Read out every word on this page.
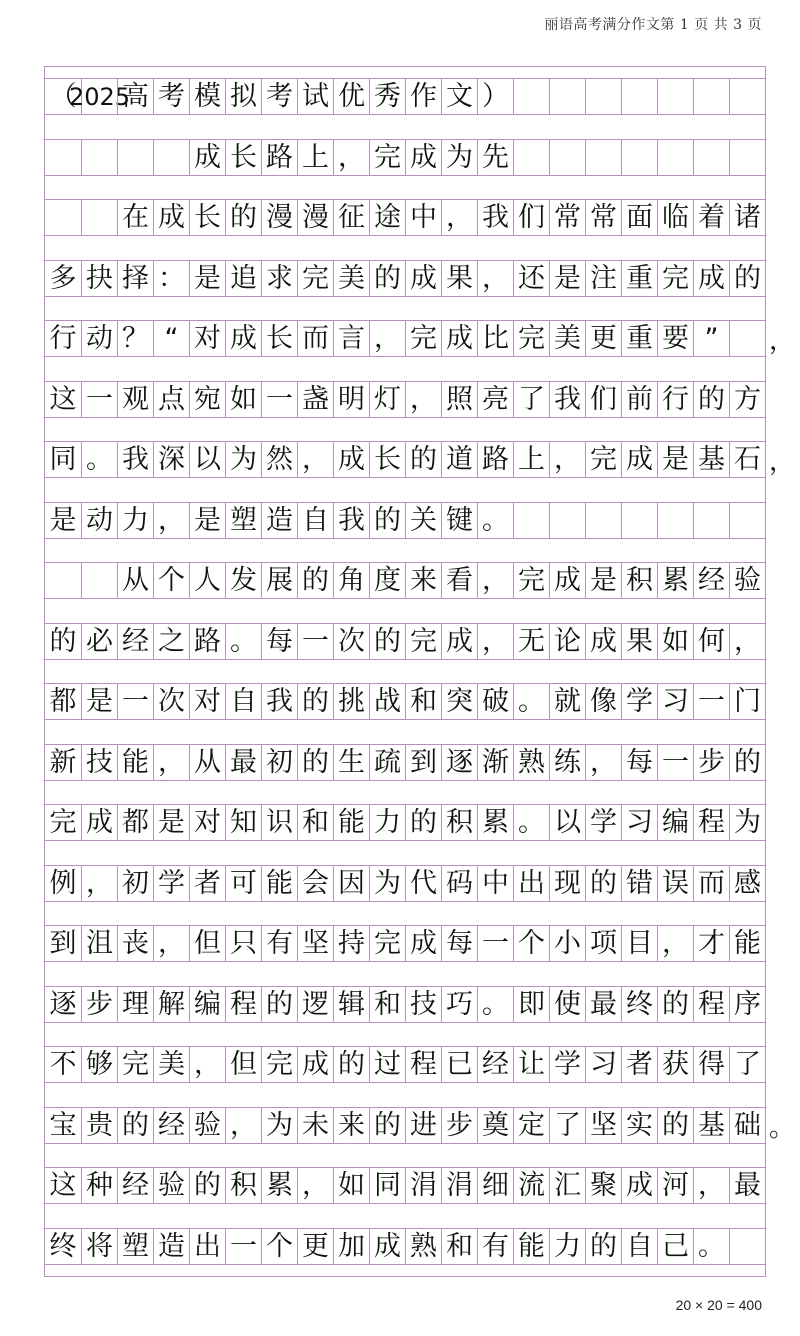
丽语高考满分作文第 1 页 共 3 页
（
2025
高 考 模 拟 考 试 优 秀 作 文 ）
成 长 路 上 ， 完 成 为 先
在 成 长 的 漫 漫 征 途 中 ， 我 们 常 常 面 临 着 诸
多 抉 择 ： 是 追 求 完 美 的 成 果 ， 还 是 注 重 完 成 的
行 动 ？ “ 对 成 长 而 言 ， 完 成 比 完 美 更 重 要 ”	，
这 一 观 点 宛 如 一 盏 明 灯 ， 照 亮 了 我 们 前 行 的 方
同 。 我 深 以 为 然 ， 成 长 的 道 路 上 ， 完 成 是 基 石 ，
是 动 力 ， 是 塑 造 自 我 的 关 键 。
从 个 人 发 展 的 角 度 来 看 ， 完 成 是 积 累 经 验
的 必 经 之 路 。 每 一 次 的 完 成 ， 无 论 成 果 如 何 ，
都 是 一 次 对 自 我 的 挑 战 和 突 破 。 就 像 学 习 一 门
新 技 能 ， 从 最 初 的 生 疏 到 逐 渐 熟 练 ， 每 一 步 的
完 成 都 是 对 知 识 和 能 力 的 积 累 。 以 学 习 编 程 为
例 ， 初 学 者 可 能 会 因 为 代 码 中 出 现 的 错 误 而 感
到 沮 丧 ， 但 只 有 坚 持 完 成 每 一 个 小 项 目 ， 才 能
逐 步 理 解 编 程 的 逻 辑 和 技 巧 。 即 使 最 终 的 程 序
不 够 完 美 ， 但 完 成 的 过 程 已 经 让 学 习 者 获 得 了
宝 贵 的 经 验 ， 为 未 来 的 进 步 奠 定 了 坚 实 的 基 础 。
这 种 经 验 的 积 累 ， 如 同 涓 涓 细 流 汇 聚 成 河 ， 最
终 将 塑 造 出 一 个 更 加 成 熟 和 有 能 力 的 自 己 。
20 × 20 = 400
